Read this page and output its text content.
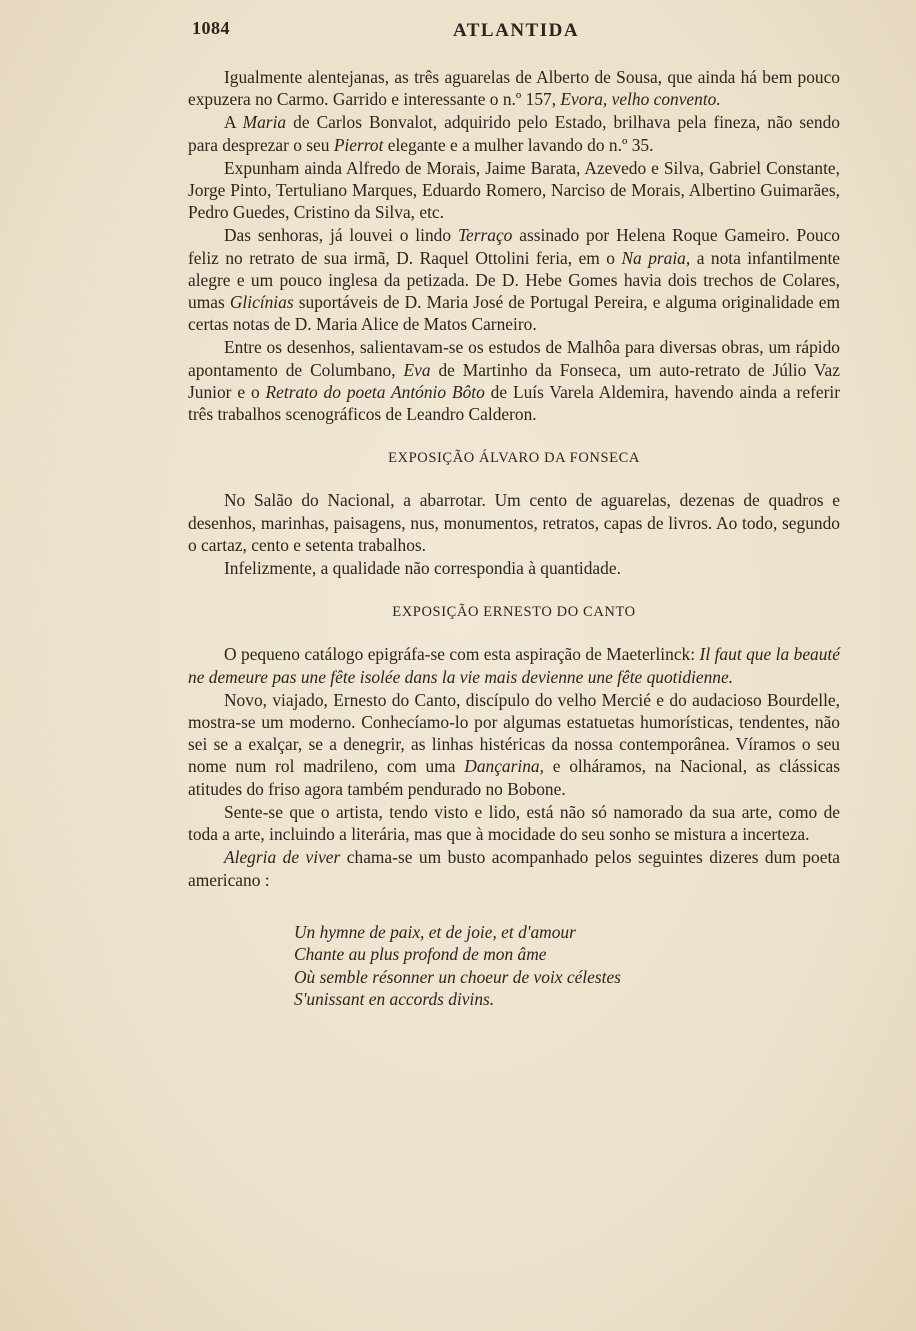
1084	ATLANTIDA

Igualmente alentejanas, as três aguarelas de Alberto de Sousa, que ainda há bem pouco expuzera no Carmo. Garrido e interessante o n.º 157, Evora, velho convento.

A Maria de Carlos Bonvalot, adquirido pelo Estado, brilhava pela fineza, não sendo para desprezar o seu Pierrot elegante e a mulher lavando do n.º 35.

Expunham ainda Alfredo de Morais, Jaime Barata, Azevedo e Silva, Gabriel Constante, Jorge Pinto, Tertuliano Marques, Eduardo Romero, Narciso de Morais, Albertino Guimarães, Pedro Guedes, Cristino da Silva, etc.

Das senhoras, já louvei o lindo Terraço assinado por Helena Roque Gameiro. Pouco feliz no retrato de sua irmã, D. Raquel Ottolini feria, em o Na praia, a nota infantilmente alegre e um pouco inglesa da petizada. De D. Hebe Gomes havia dois trechos de Colares, umas Glicínias suportáveis de D. Maria José de Portugal Pereira, e alguma originalidade em certas notas de D. Maria Alice de Matos Carneiro.

Entre os desenhos, salientavam-se os estudos de Malhôa para diversas obras, um rápido apontamento de Columbano, Eva de Martinho da Fonseca, um auto-retrato de Júlio Vaz Junior e o Retrato do poeta António Bôto de Luís Varela Aldemira, havendo ainda a referir três trabalhos scenográficos de Leandro Calderon.

EXPOSIÇÃO ÁLVARO DA FONSECA

No Salão do Nacional, a abarrotar. Um cento de aguarelas, dezenas de quadros e desenhos, marinhas, paisagens, nus, monumentos, retratos, capas de livros. Ao todo, segundo o cartaz, cento e setenta trabalhos.

Infelizmente, a qualidade não correspondia à quantidade.

EXPOSIÇÃO ERNESTO DO CANTO

O pequeno catálogo epigráfa-se com esta aspiração de Maeterlinck: Il faut que la beauté ne demeure pas une fête isolée dans la vie mais devienne une fête quotidienne.

Novo, viajado, Ernesto do Canto, discípulo do velho Mercié e do audacioso Bourdelle, mostra-se um moderno. Conhecíamo-lo por algumas estatuetas humorísticas, tendentes, não sei se a exalçar, se a denegrir, as linhas histéricas da nossa contemporânea. Víramos o seu nome num rol madrileno, com uma Dançarina, e olháramos, na Nacional, as clássicas atitudes do friso agora também pendurado no Bobone.

Sente-se que o artista, tendo visto e lido, está não só namorado da sua arte, como de toda a arte, incluindo a literária, mas que à mocidade do seu sonho se mistura a incerteza.

Alegria de viver chama-se um busto acompanhado pelos seguintes dizeres dum poeta americano :

Un hymne de paix, et de joie, et d'amour
Chante au plus profond de mon âme
Où semble résonner un choeur de voix célestes
S'unissant en accords divins.
